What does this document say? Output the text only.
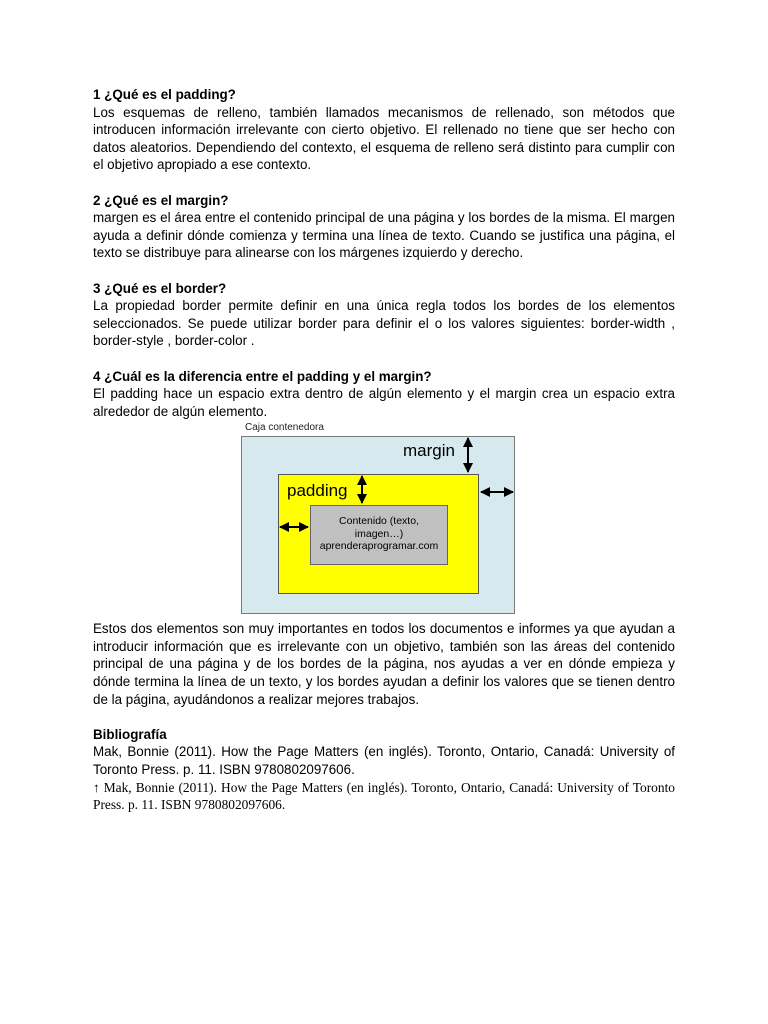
1 ¿Qué es el padding?
Los esquemas de relleno, también llamados mecanismos de rellenado, son métodos que introducen información irrelevante con cierto objetivo. El rellenado no tiene que ser hecho con datos aleatorios. Dependiendo del contexto, el esquema de relleno será distinto para cumplir con el objetivo apropiado a ese contexto.
2 ¿Qué es el margin?
margen es el área entre el contenido principal de una página y los bordes de la misma. El margen ayuda a definir dónde comienza y termina una línea de texto. Cuando se justifica una página, el texto se distribuye para alinearse con los márgenes izquierdo y derecho.
3 ¿Qué es el border?
La propiedad border permite definir en una única regla todos los bordes de los elementos seleccionados. Se puede utilizar border para definir el o los valores siguientes: border-width , border-style , border-color .
4 ¿Cuál es la diferencia entre el padding y el margin?
El padding hace un espacio extra dentro de algún elemento y el margin crea un espacio extra alrededor de algún elemento.
Caja contenedora
Contenido (texto,
imagen…)
aprenderaprogramar.com
margin
padding
Estos dos elementos son muy importantes en todos los documentos e informes ya que ayudan a introducir información que es irrelevante con un objetivo, también son las áreas del contenido principal de una página y de los bordes de la página, nos ayudas a ver en dónde empieza y dónde termina la línea de un texto, y los bordes ayudan a definir los valores que se tienen dentro de la página, ayudándonos a realizar mejores trabajos.
Bibliografía
Mak, Bonnie (2011). How the Page Matters (en inglés). Toronto, Ontario, Canadá: University of Toronto Press. p. 11. ISBN 9780802097606.
↑ Mak, Bonnie (2011). How the Page Matters (en inglés). Toronto, Ontario, Canadá: University of Toronto Press. p. 11. ISBN 9780802097606.
